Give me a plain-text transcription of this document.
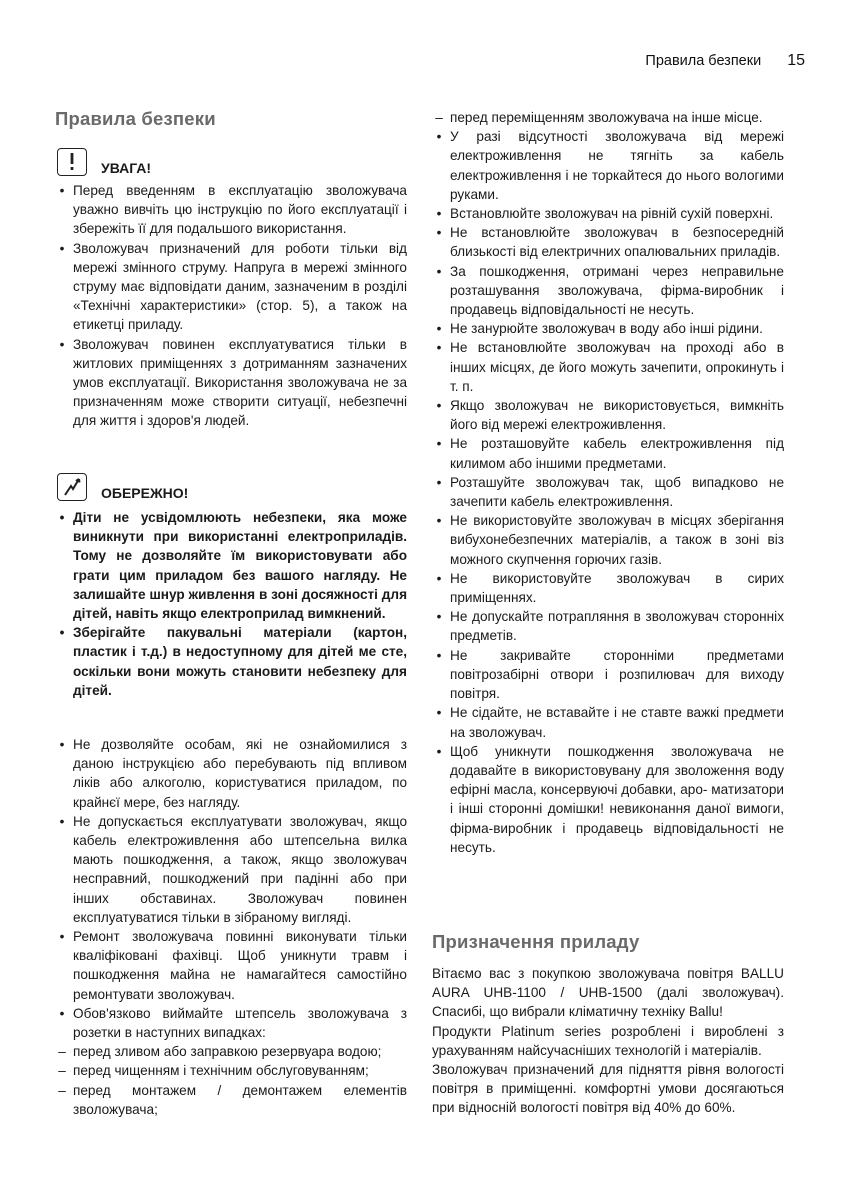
Правила безпеки 15
Правила безпеки
УВАГА!
• Перед введенням в експлуатацію зволожувача уважно вивчіть цю інструкцію по його експлуатації і збережіть її для подальшого використання.
• Зволожувач призначений для роботи тільки від мережі змінного струму. Напруга в мережі змінного струму має відповідати даним, зазначеним в розділі «Технічні характеристики» (стор. 5), а також на етикетці приладу.
• Зволожувач повинен експлуатуватися тільки в житлових приміщеннях з дотриманням зазначених умов експлуатації. Використання зволожувача не за призначенням може створити ситуації, небезпечні для життя і здоров'я людей.
ОБЕРЕЖНО!
• Діти не усвідомлюють небезпеки, яка може виникнути при використанні електроприладів. Тому не дозволяйте їм використовувати або грати цим приладом без вашого нагляду. Не залишайте шнур живлення в зоні досяжності для дітей, навіть якщо електроприлад вимкнений.
• Зберігайте пакувальні матеріали (картон, пластик і т.д.) в недоступному для дітей ме сте, оскільки вони можуть становити небезпеку для дітей.
• Не дозволяйте особам, які не ознайомилися з даною інструкцією або перебувають під впливом ліків або алкоголю, користуватися приладом, по крайнєї мере, без нагляду.
• Не допускається експлуатувати зволожувач, якщо кабель електроживлення або штепсельна вилка мають пошкодження, а також, якщо зволожувач несправний, пошкоджений при падінні або при інших обставинах. Зволожувач повинен експлуатуватися тільки в зібраному вигляді.
• Ремонт зволожувача повинні виконувати тільки кваліфіковані фахівці. Щоб уникнути травм і пошкодження майна не намагайтеся самостійно ремонтувати зволожувач.
• Обов'язково виймайте штепсель зволожувача з розетки в наступних випадках:
– перед зливом або заправкою резервуара водою;
– перед чищенням і технічним обслуговуванням;
– перед монтажем / демонтажем елементів зволожувача;
– перед переміщенням зволожувача на інше місце.
• У разі відсутності зволожувача від мережі електроживлення не тягніть за кабель електроживлення і не торкайтеся до нього вологими руками.
• Встановлюйте зволожувач на рівній сухій поверхні.
• Не встановлюйте зволожувач в безпосередній близькості від електричних опалювальних приладів.
• За пошкодження, отримані через неправильне розташування зволожувача, фірма-виробник і продавець відповідальності не несуть.
• Не занурюйте зволожувач в воду або інші рідини.
• Не встановлюйте зволожувач на проході або в інших місцях, де його можуть зачепити, опрокинуть і т. п.
• Якщо зволожувач не використовується, вимкніть його від мережі електроживлення.
• Не розташовуйте кабель електроживлення під килимом або іншими предметами.
• Розташуйте зволожувач так, щоб випадково не зачепити кабель електроживлення.
• Не використовуйте зволожувач в місцях зберігання вибухонебезпечних матеріалів, а також в зоні віз можного скупчення горючих газів.
• Не використовуйте зволожувач в сирих приміщеннях.
• Не допускайте потрапляння в зволожувач сторонніх предметів.
• Не закривайте сторонніми предметами повітрозабірні отвори і розпилювач для виходу повітря.
• Не сідайте, не вставайте і не ставте важкі предмети на зволожувач.
• Щоб уникнути пошкодження зволожувача не додавайте в використовувану для зволоження воду ефірні масла, консервуючі добавки, аро- матизатори і інші сторонні домішки! невиконання даної вимоги, фірма-виробник і продавець відповідальності не несуть.
Призначення приладу

Вітаємо вас з покупкою зволожувача повітря BALLU AURA UHB-1100 / UHB-1500 (далі зволожувач). Спасибі, що вибрали кліматичну техніку Ballu!

Продукти Platinum series розроблені і вироблені з урахуванням найсучасніших технологій і матеріалів.

Зволожувач призначений для підняття рівня вологості повітря в приміщенні. комфортні умови досягаються при відносній вологості повітря від 40% до 60%.
